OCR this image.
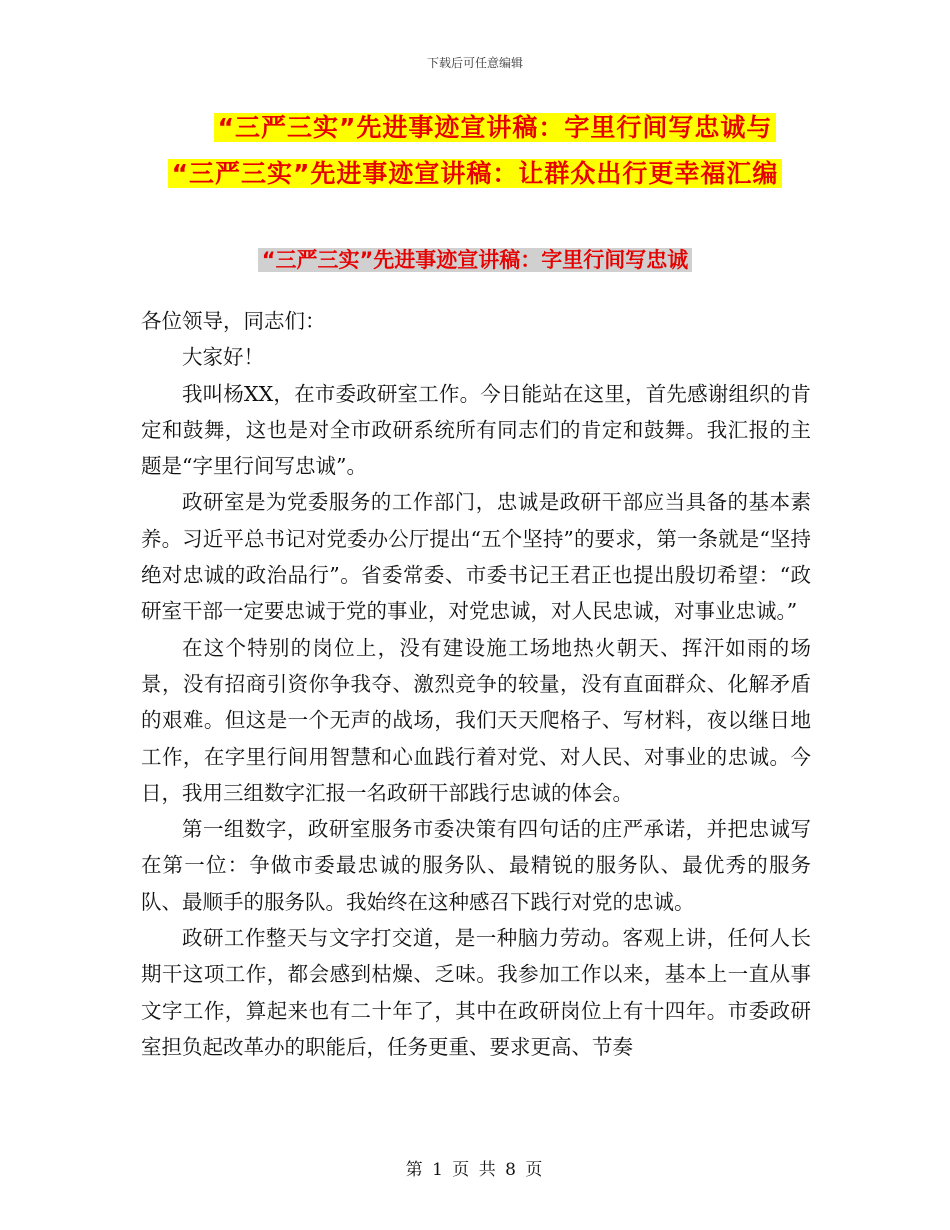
下载后可任意编辑
“三严三实”先进事迹宣讲稿：字里行间写忠诚与
“三严三实”先进事迹宣讲稿：让群众出行更幸福汇编
“三严三实”先进事迹宣讲稿：字里行间写忠诚

各位领导，同志们：

大家好！

我叫杨XX，在市委政研室工作。今日能站在这里，首先感谢组织的肯定和鼓舞，这也是对全市政研系统所有同志们的肯定和鼓舞。我汇报的主题是“字里行间写忠诚”。

政研室是为党委服务的工作部门，忠诚是政研干部应当具备的基本素养。习近平总书记对党委办公厅提出“五个坚持”的要求，第一条就是“坚持绝对忠诚的政治品行”。省委常委、市委书记王君正也提出殷切希望：“政研室干部一定要忠诚于党的事业，对党忠诚，对人民忠诚，对事业忠诚。”

在这个特别的岗位上，没有建设施工场地热火朝天、挥汗如雨的场景，没有招商引资你争我夺、激烈竞争的较量，没有直面群众、化解矛盾的艰难。但这是一个无声的战场，我们天天爬格子、写材料，夜以继日地工作，在字里行间用智慧和心血践行着对党、对人民、对事业的忠诚。今日，我用三组数字汇报一名政研干部践行忠诚的体会。

第一组数字，政研室服务市委决策有四句话的庄严承诺，并把忠诚写在第一位：争做市委最忠诚的服务队、最精锐的服务队、最优秀的服务队、最顺手的服务队。我始终在这种感召下践行对党的忠诚。

政研工作整天与文字打交道，是一种脑力劳动。客观上讲，任何人长期干这项工作，都会感到枯燥、乏味。我参加工作以来，基本上一直从事文字工作，算起来也有二十年了，其中在政研岗位上有十四年。市委政研室担负起改革办的职能后，任务更重、要求更高、节奏

第 1 页 共 8 页
